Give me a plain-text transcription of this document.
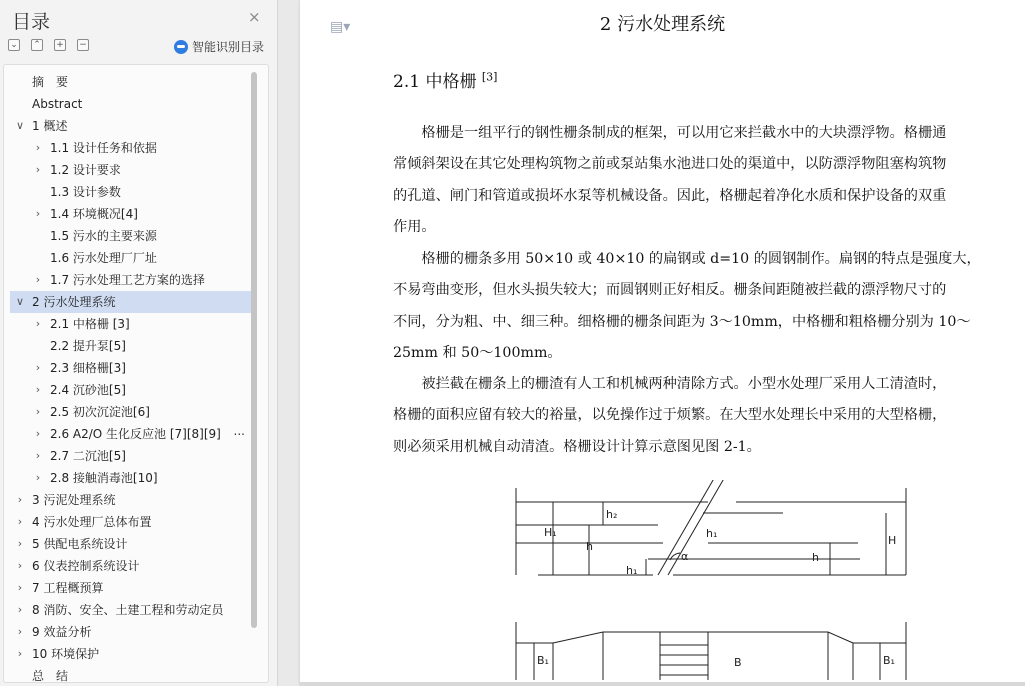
目录	×
⌄ ⌃ + −	智能识别目录
摘　要
Abstract
∨ 1 概述
› 1.1 设计任务和依据
› 1.2 设计要求
1.3 设计参数
› 1.4 环境概况[4]
1.5 污水的主要来源
1.6 污水处理厂厂址
› 1.7 污水处理工艺方案的选择
∨ 2 污水处理系统
› 2.1 中格栅 [3]
2.2 提升泵[5]
› 2.3 细格栅[3]
› 2.4 沉砂池[5]
› 2.5 初次沉淀池[6]
› 2.6 A2/O 生化反应池 [7][8][9] ...
› 2.7 二沉池[5]
› 2.8 接触消毒池[10]
› 3 污泥处理系统
› 4 污水处理厂总体布置
› 5 供配电系统设计
› 6 仪表控制系统设计
› 7 工程概预算
› 8 消防、安全、土建工程和劳动定员
› 9 效益分析
› 10 环境保护
总　结
▤▾	2 污水处理系统
2.1 中格栅 [3]
　　格栅是一组平行的钢性栅条制成的框架，可以用它来拦截水中的大块漂浮物。格栅通
常倾斜架设在其它处理构筑物之前或泵站集水池进口处的渠道中，以防漂浮物阻塞构筑物
的孔道、闸门和管道或损坏水泵等机械设备。因此，格栅起着净化水质和保护设备的双重
作用。
　　格栅的栅条多用 50×10 或 40×10 的扁钢或 d=10 的圆钢制作。扁钢的特点是强度大，
不易弯曲变形，但水头损失较大；而圆钢则正好相反。栅条间距随被拦截的漂浮物尺寸的
不同，分为粗、中、细三种。细格栅的栅条间距为 3～10mm，中格栅和粗格栅分别为 10～
25mm 和 50～100mm。
　　被拦截在栅条上的栅渣有人工和机械两种清除方式。小型水处理厂采用人工清渣时，
格栅的面积应留有较大的裕量，以免操作过于烦繁。在大型水处理长中采用的大型格栅，
则必须采用机械自动清渣。格栅设计计算示意图见图 2-1。
h₂
h₁
H₁
h
h
H
α
h₁
B₁	B	B₁
